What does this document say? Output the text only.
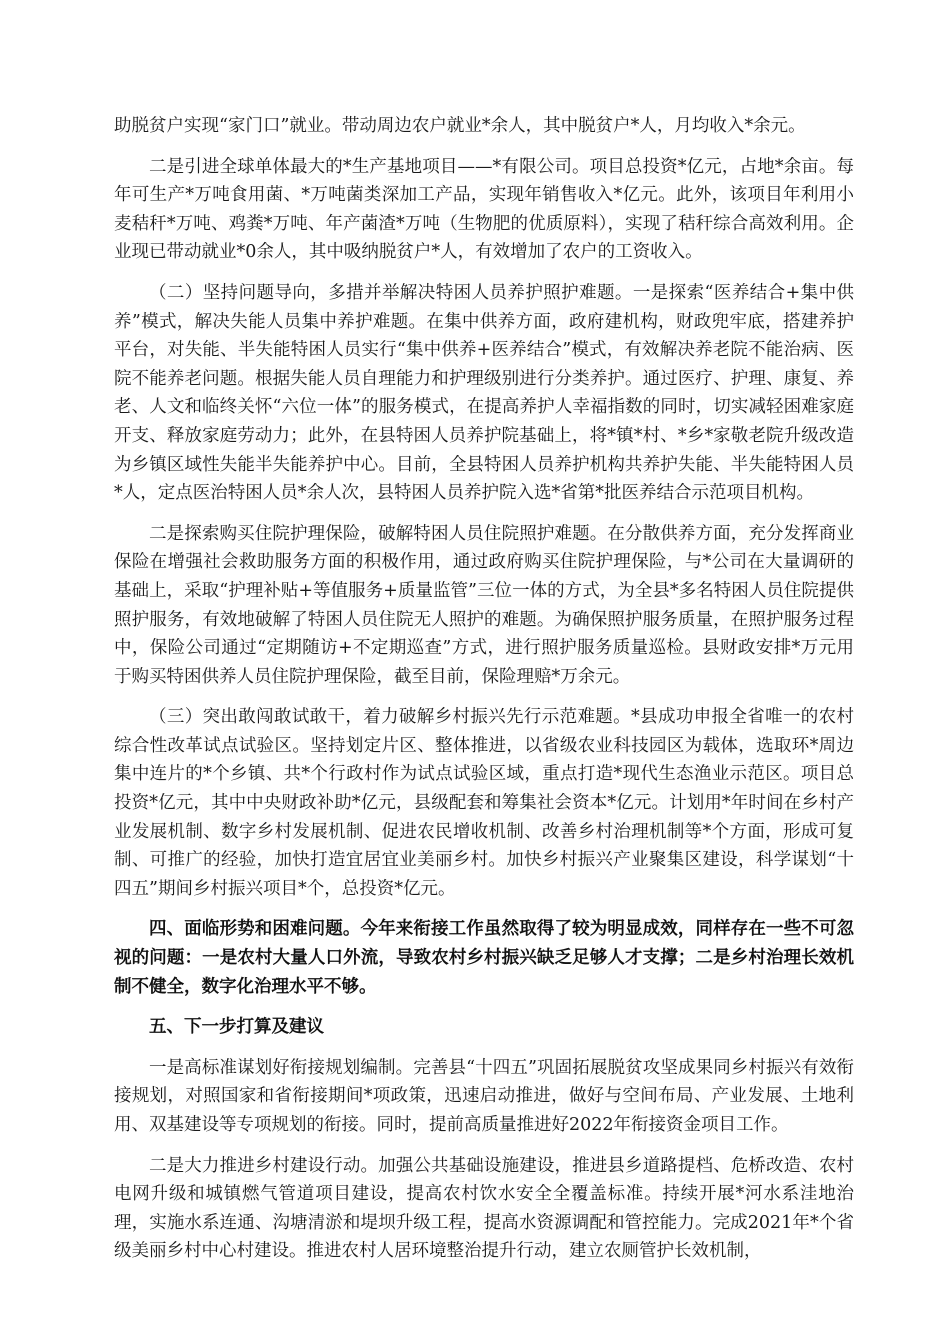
助脱贫户实现“家门口”就业。带动周边农户就业*余人，其中脱贫户*人，月均收入*余元。

二是引进全球单体最大的*生产基地项目——*有限公司。项目总投资*亿元，占地*余亩。每年可生产*万吨食用菌、*万吨菌类深加工产品，实现年销售收入*亿元。此外，该项目年利用小麦秸秆*万吨、鸡粪*万吨、年产菌渣*万吨（生物肥的优质原料），实现了秸秆综合高效利用。企业现已带动就业*0余人，其中吸纳脱贫户*人，有效增加了农户的工资收入。

（二）坚持问题导向，多措并举解决特困人员养护照护难题。一是探索“医养结合+集中供养”模式，解决失能人员集中养护难题。在集中供养方面，政府建机构，财政兜牢底，搭建养护平台，对失能、半失能特困人员实行“集中供养+医养结合”模式，有效解决养老院不能治病、医院不能养老问题。根据失能人员自理能力和护理级别进行分类养护。通过医疗、护理、康复、养老、人文和临终关怀“六位一体”的服务模式，在提高养护人幸福指数的同时，切实减轻困难家庭开支、释放家庭劳动力；此外，在县特困人员养护院基础上，将*镇*村、*乡*家敬老院升级改造为乡镇区域性失能半失能养护中心。目前，全县特困人员养护机构共养护失能、半失能特困人员*人，定点医治特困人员*余人次，县特困人员养护院入选*省第*批医养结合示范项目机构。

二是探索购买住院护理保险，破解特困人员住院照护难题。在分散供养方面，充分发挥商业保险在增强社会救助服务方面的积极作用，通过政府购买住院护理保险，与*公司在大量调研的基础上，采取“护理补贴+等值服务+质量监管”三位一体的方式，为全县*多名特困人员住院提供照护服务，有效地破解了特困人员住院无人照护的难题。为确保照护服务质量，在照护服务过程中，保险公司通过“定期随访+不定期巡查”方式，进行照护服务质量巡检。县财政安排*万元用于购买特困供养人员住院护理保险，截至目前，保险理赔*万余元。

（三）突出敢闯敢试敢干，着力破解乡村振兴先行示范难题。*县成功申报全省唯一的农村综合性改革试点试验区。坚持划定片区、整体推进，以省级农业科技园区为载体，选取环*周边集中连片的*个乡镇、共*个行政村作为试点试验区域，重点打造*现代生态渔业示范区。项目总投资*亿元，其中中央财政补助*亿元，县级配套和筹集社会资本*亿元。计划用*年时间在乡村产业发展机制、数字乡村发展机制、促进农民增收机制、改善乡村治理机制等*个方面，形成可复制、可推广的经验，加快打造宜居宜业美丽乡村。加快乡村振兴产业聚集区建设，科学谋划“十四五”期间乡村振兴项目*个，总投资*亿元。

四、面临形势和困难问题。今年来衔接工作虽然取得了较为明显成效，同样存在一些不可忽视的问题：一是农村大量人口外流，导致农村乡村振兴缺乏足够人才支撑；二是乡村治理长效机制不健全，数字化治理水平不够。

五、下一步打算及建议

一是高标准谋划好衔接规划编制。完善县“十四五”巩固拓展脱贫攻坚成果同乡村振兴有效衔接规划，对照国家和省衔接期间*项政策，迅速启动推进，做好与空间布局、产业发展、土地利用、双基建设等专项规划的衔接。同时，提前高质量推进好2022年衔接资金项目工作。

二是大力推进乡村建设行动。加强公共基础设施建设，推进县乡道路提档、危桥改造、农村电网升级和城镇燃气管道项目建设，提高农村饮水安全全覆盖标准。持续开展*河水系洼地治理，实施水系连通、沟塘清淤和堤坝升级工程，提高水资源调配和管控能力。完成2021年*个省级美丽乡村中心村建设。推进农村人居环境整治提升行动，建立农厕管护长效机制，
